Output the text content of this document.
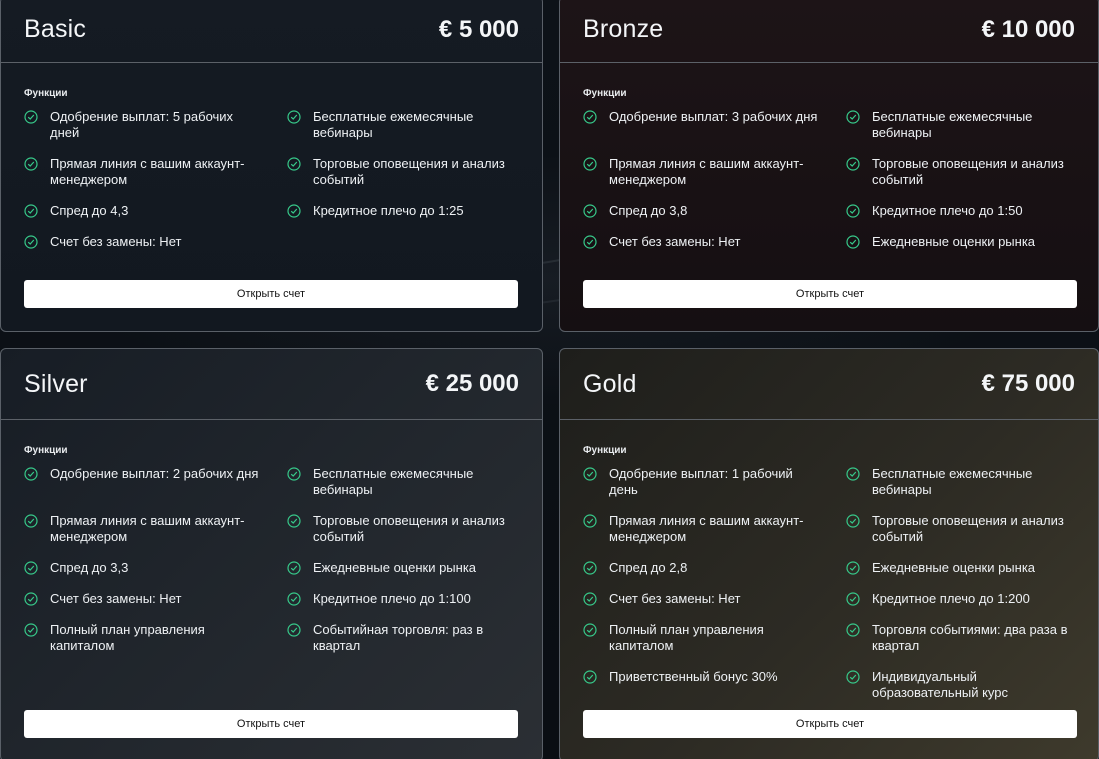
Basic	€ 5 000
Функции
Одобрение выплат: 5 рабочих дней
Бесплатные ежемесячные вебинары
Прямая линия с вашим аккаунт-менеджером
Торговые оповещения и анализ событий
Спред до 4,3	Кредитное плечо до 1:25
Счет без замены: Нет
Открыть счет
Bronze	€ 10 000
Функции
Одобрение выплат: 3 рабочих дня	Бесплатные ежемесячные вебинары
Прямая линия с вашим аккаунт-менеджером
Торговые оповещения и анализ событий
Спред до 3,8	Кредитное плечо до 1:50
Счет без замены: Нет	Ежедневные оценки рынка
Открыть счет
Silver	€ 25 000
Функции
Одобрение выплат: 2 рабочих дня	Бесплатные ежемесячные вебинары
Прямая линия с вашим аккаунт-менеджером
Торговые оповещения и анализ событий
Спред до 3,3	Ежедневные оценки рынка
Счет без замены: Нет	Кредитное плечо до 1:100
Полный план управления капиталом
Событийная торговля: раз в квартал
Открыть счет
Gold	€ 75 000
Функции
Одобрение выплат: 1 рабочий день
Бесплатные ежемесячные вебинары
Прямая линия с вашим аккаунт-менеджером
Торговые оповещения и анализ событий
Спред до 2,8	Ежедневные оценки рынка
Счет без замены: Нет	Кредитное плечо до 1:200
Полный план управления капиталом
Торговля событиями: два раза в квартал
Приветственный бонус 30%	Индивидуальный образовательный курс
Открыть счет
